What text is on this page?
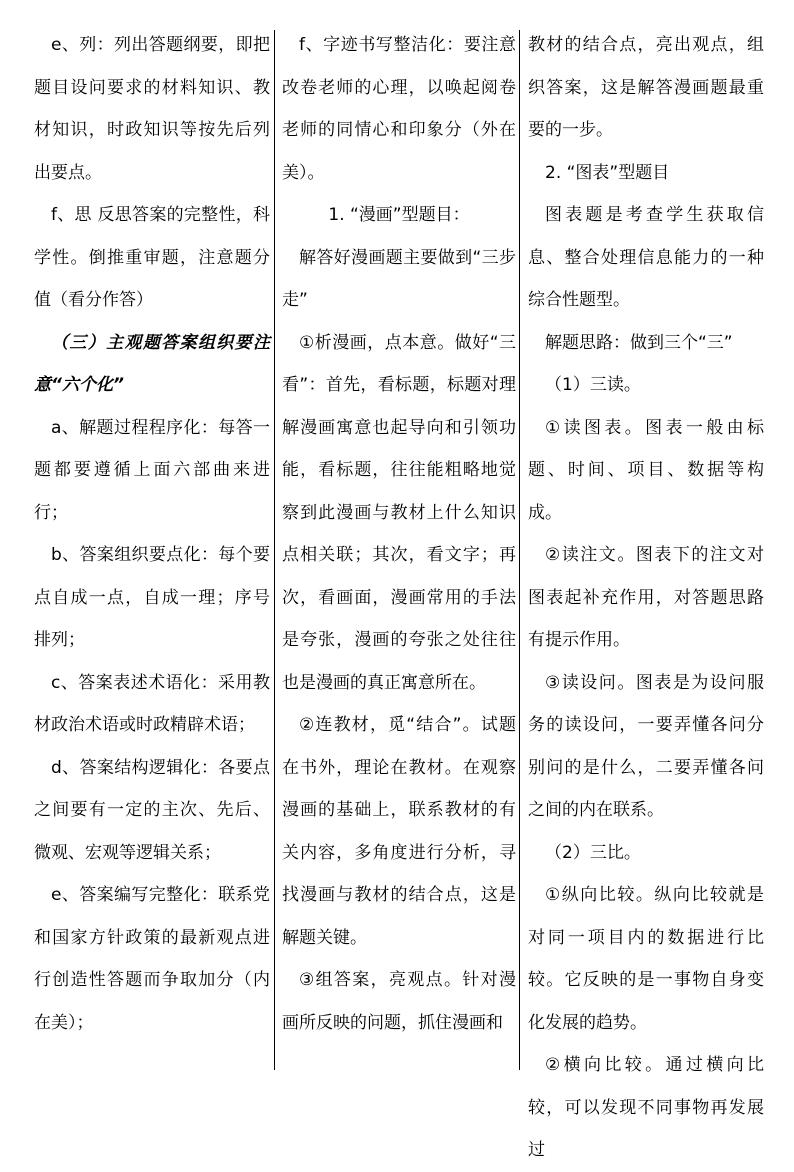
e、列：列出答题纲要，即把题目设问要求的材料知识、教材知识，时政知识等按先后列出要点。

f、思 反思答案的完整性，科学性。倒推重审题，注意题分值（看分作答）

（三）主观题答案组织要注意“六个化”

a、解题过程程序化：每答一题都要遵循上面六部曲来进行；

b、答案组织要点化：每个要点自成一点，自成一理；序号排列；

c、答案表述术语化：采用教材政治术语或时政精辟术语；

d、答案结构逻辑化：各要点之间要有一定的主次、先后、微观、宏观等逻辑关系；

e、答案编写完整化：联系党和国家方针政策的最新观点进行创造性答题而争取加分（内在美）；

f、字迹书写整洁化：要注意改卷老师的心理，以唤起阅卷老师的同情心和印象分（外在美）。

1. “漫画”型题目：

解答好漫画题主要做到“三步走”

①析漫画，点本意。做好“三看”：首先，看标题，标题对理解漫画寓意也起导向和引领功能，看标题，往往能粗略地觉察到此漫画与教材上什么知识点相关联；其次，看文字；再次，看画面，漫画常用的手法是夸张，漫画的夸张之处往往也是漫画的真正寓意所在。

②连教材，觅“结合”。试题在书外，理论在教材。在观察漫画的基础上，联系教材的有关内容，多角度进行分析，寻找漫画与教材的结合点，这是解题关键。

③组答案，亮观点。针对漫画所反映的问题，抓住漫画和

教材的结合点，亮出观点，组织答案，这是解答漫画题最重要的一步。

2. “图表”型题目

图表题是考查学生获取信息、整合处理信息能力的一种综合性题型。

解题思路：做到三个“三”

（1）三读。

①读图表。图表一般由标题、时间、项目、数据等构成。

②读注文。图表下的注文对图表起补充作用，对答题思路有提示作用。

③读设问。图表是为设问服务的读设问，一要弄懂各问分别问的是什么，二要弄懂各问之间的内在联系。

（2）三比。

①纵向比较。纵向比较就是对同一项目内的数据进行比较。它反映的是一事物自身变化发展的趋势。

②横向比较。通过横向比较，可以发现不同事物再发展过
